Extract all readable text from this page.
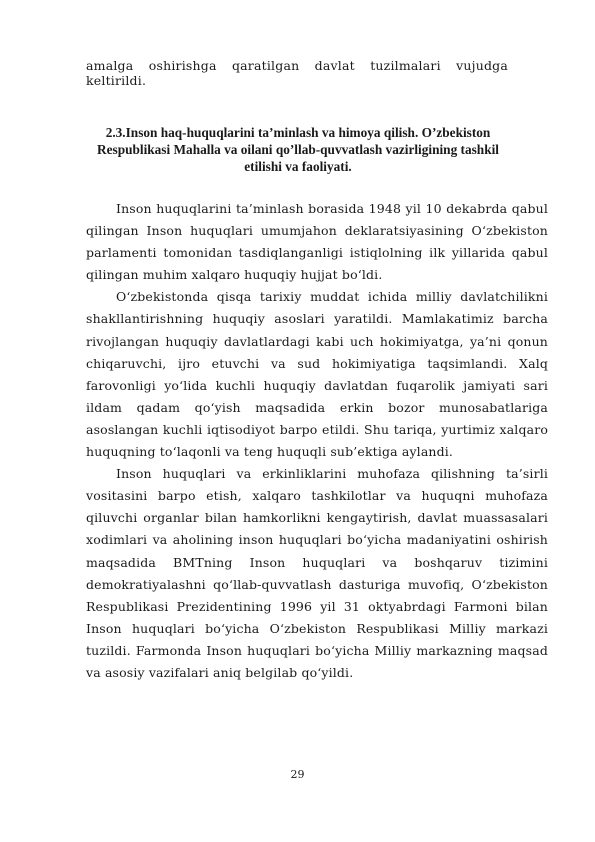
amalga oshirishga qaratilgan davlat tuzilmalari vujudga keltirildi.
2.3.Inson haq-huquqlarini ta’minlash va himoya qilish. O’zbekiston Respublikasi Mahalla va oilani qo’llab-quvvatlash vazirligining tashkil etilishi va faoliyati.

Inson huquqlarini ta’minlash borasida 1948 yil 10 dekabrda qabul qilingan Inson huquqlari umumjahon deklaratsiyasining O‘zbekiston parlamenti tomonidan tasdiqlanganligi istiqlolning ilk yillarida qabul qilingan muhim xalqaro huquqiy hujjat bo‘ldi.

O‘zbekistonda qisqa tarixiy muddat ichida milliy davlatchilikni shakllantirishning huquqiy asoslari yaratildi. Mamlakatimiz barcha rivojlangan huquqiy davlatlardagi kabi uch hokimiyatga, ya’ni qonun chiqaruvchi, ijro etuvchi va sud hokimiyatiga taqsimlandi. Xalq farovonligi yo‘lida kuchli huquqiy davlatdan fuqarolik jamiyati sari ildam qadam qo‘yish maqsadida erkin bozor munosabatlariga asoslangan kuchli iqtisodiyot barpo etildi. Shu tariqa, yurtimiz xalqaro huquqning to‘laqonli va teng huquqli sub’ektiga aylandi.

Inson huquqlari va erkinliklarini muhofaza qilishning ta’sirli vositasini barpo etish, xalqaro tashkilotlar va huquqni muhofaza qiluvchi organlar bilan hamkorlikni kengaytirish, davlat muassasalari xodimlari va aholining inson huquqlari bo‘yicha madaniyatini oshirish maqsadida BMTning Inson huquqlari va boshqaruv tizimini demokratiyalashni qo‘llab-quvvatlash dasturiga muvofiq, O‘zbekiston Respublikasi Prezidentining 1996 yil 31 oktyabrdagi Farmoni bilan Inson huquqlari bo‘yicha O‘zbekiston Respublikasi Milliy markazi tuzildi. Farmonda Inson huquqlari bo‘yicha Milliy markazning maqsad va asosiy vazifalari aniq belgilab qo‘yildi.

29
